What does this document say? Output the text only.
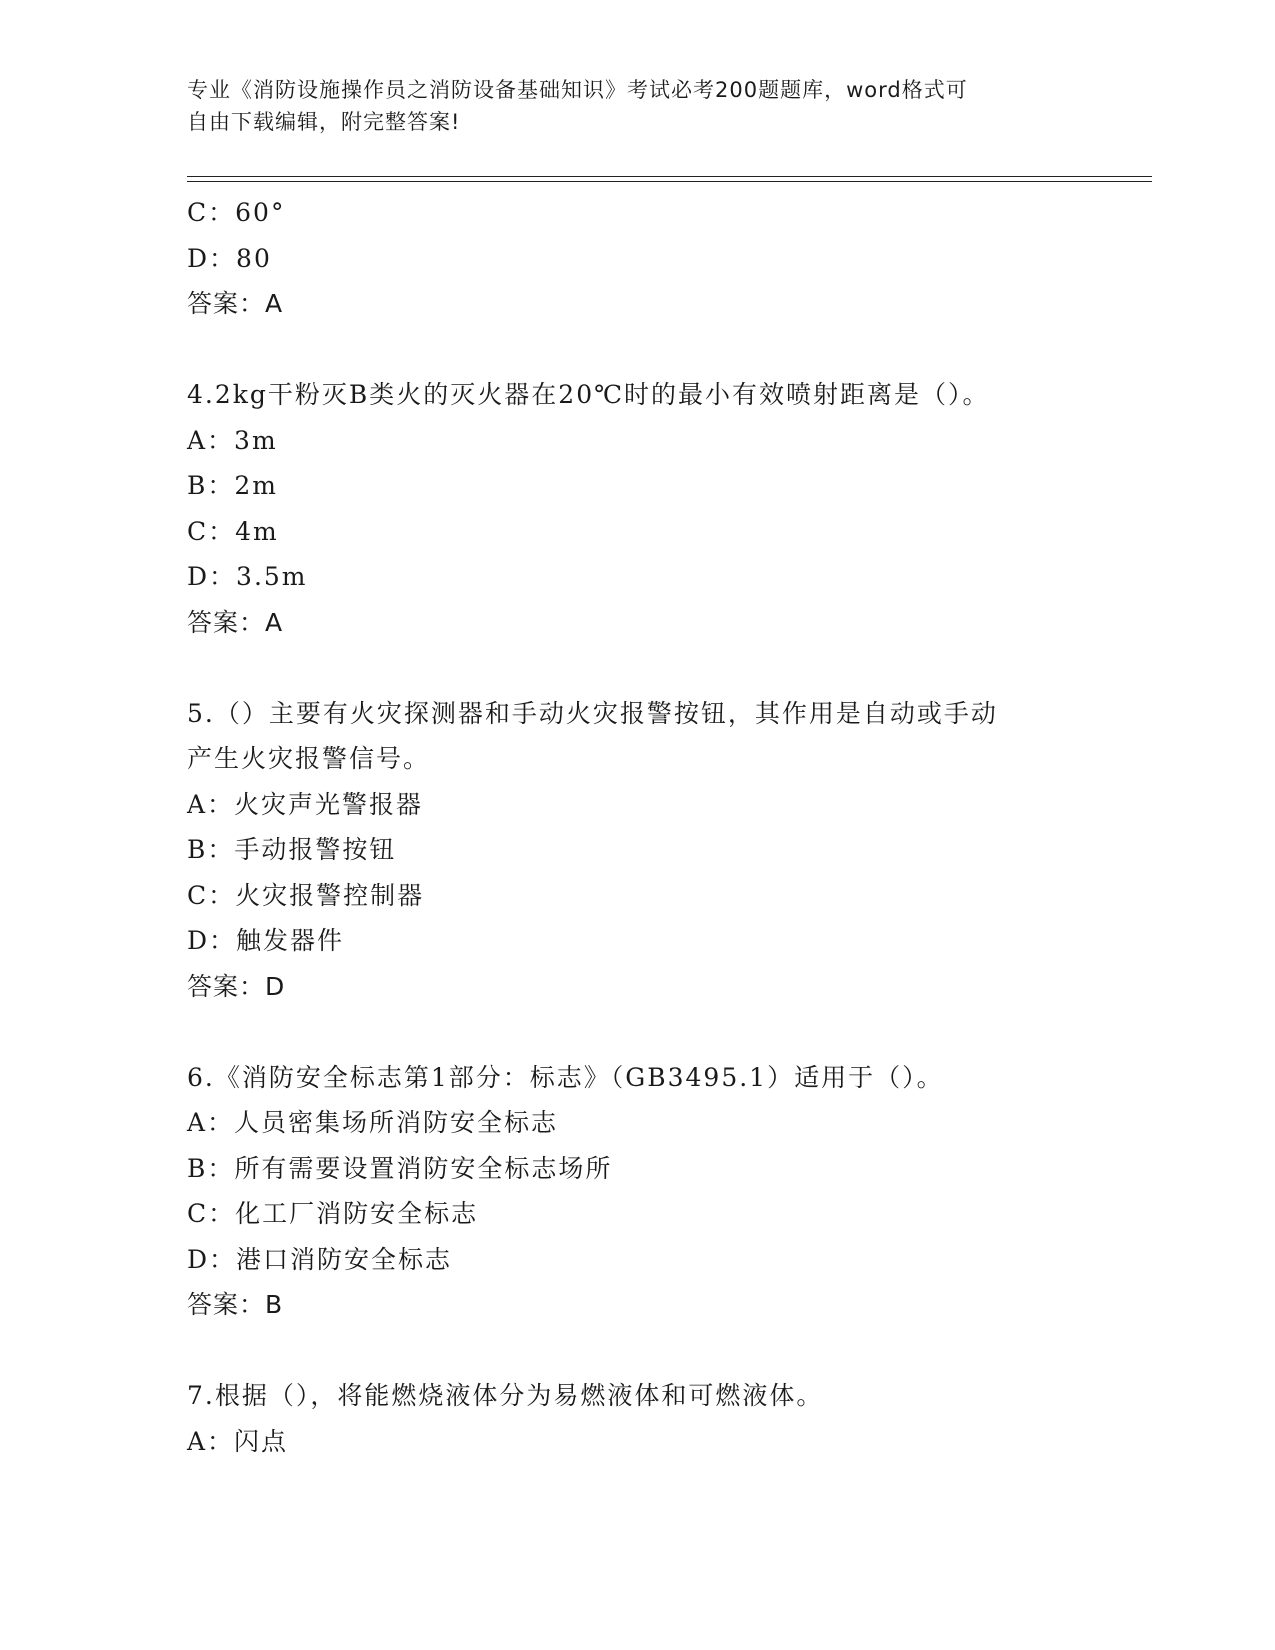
专业《消防设施操作员之消防设备基础知识》考试必考200题题库，word格式可
自由下载编辑，附完整答案!
C：60°
D：80
答案：A
4.2kg干粉灭B类火的灭火器在20℃时的最小有效喷射距离是（）。
A：3m
B：2m
C：4m
D：3.5m
答案：A
5.（）主要有火灾探测器和手动火灾报警按钮，其作用是自动或手动
产生火灾报警信号。
A：火灾声光警报器
B：手动报警按钮
C：火灾报警控制器
D：触发器件
答案：D
6.《消防安全标志第1部分：标志》（GB3495.1）适用于（）。
A：人员密集场所消防安全标志
B：所有需要设置消防安全标志场所
C：化工厂消防安全标志
D：港口消防安全标志
答案：B
7.根据（），将能燃烧液体分为易燃液体和可燃液体。
A：闪点
